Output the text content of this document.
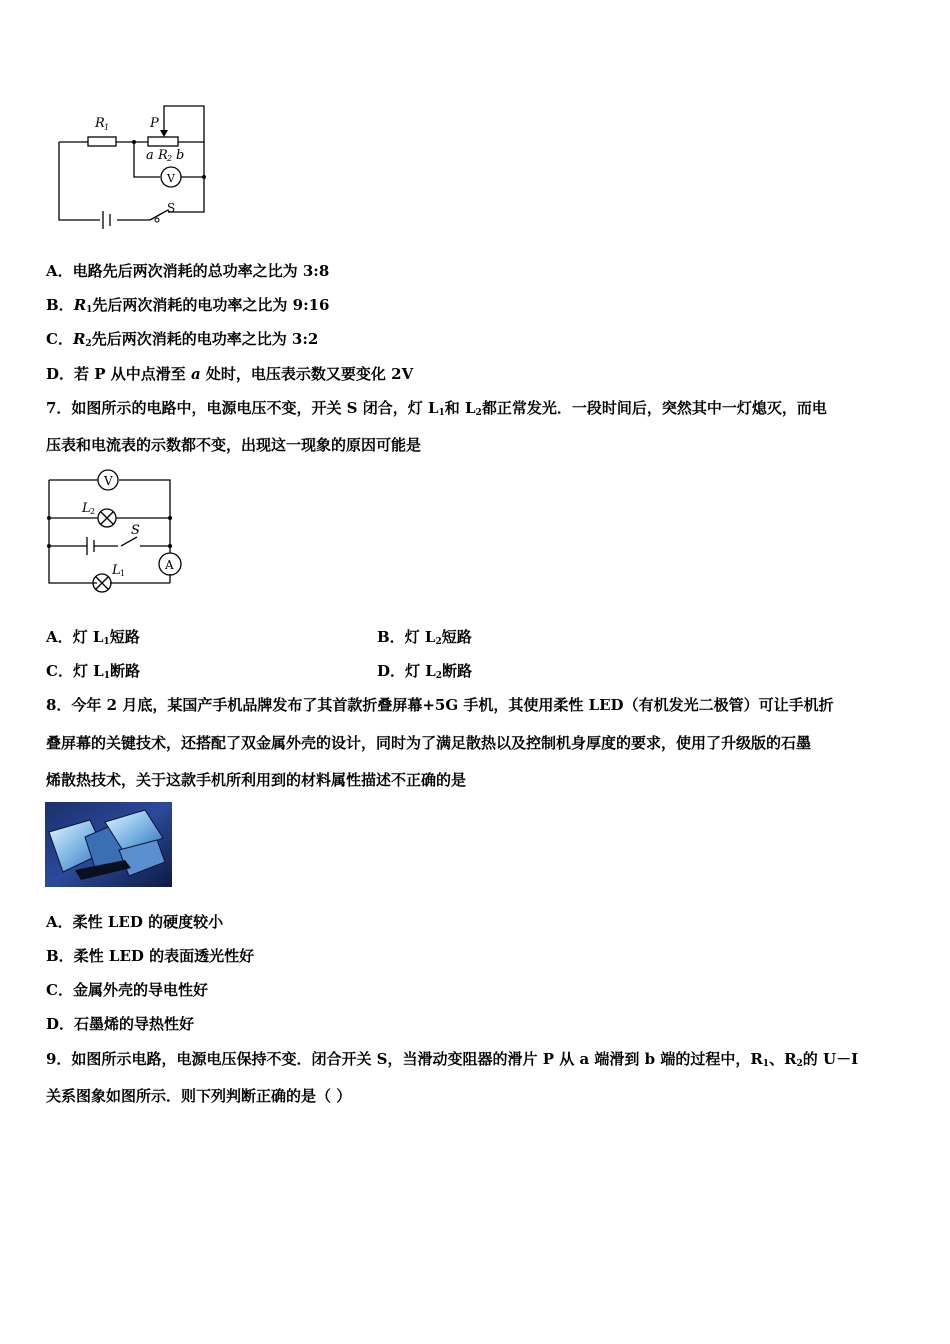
R 1	P
a R 2 b
V
S
A．电路先后两次消耗的总功率之比为 3:8
B．$R_1$先后两次消耗的电功率之比为 9:16
C．$R_2$先后两次消耗的电功率之比为 3:2
D．若 P 从中点滑至 a 处时，电压表示数又要变化 2V
7．如图所示的电路中，电源电压不变，开关 S 闭合，灯 $L_1$和 $L_2$都正常发光．一段时间后，突然其中一灯熄灭，而电
压表和电流表的示数都不变，出现这一现象的原因可能是
V
L 2
S
A
L 1
A．灯 $L_1$短路	B．灯 $L_2$短路
C．灯 $L_1$断路	D．灯 $L_2$断路
8．今年 2 月底，某国产手机品牌发布了其首款折叠屏幕+5G 手机，其使用柔性 LED（有机发光二极管）可让手机折
叠屏幕的关键技术，还搭配了双金属外壳的设计，同时为了满足散热以及控制机身厚度的要求，使用了升级版的石墨
烯散热技术，关于这款手机所利用到的材料属性描述不正确的是
A．柔性 LED 的硬度较小
B．柔性 LED 的表面透光性好
C．金属外壳的导电性好
D．石墨烯的导热性好
9．如图所示电路，电源电压保持不变．闭合开关 S，当滑动变阻器的滑片 P 从 a 端滑到 b 端的过程中，$R_1$、$R_2$的 U－I
关系图象如图所示．则下列判断正确的是（ ）
